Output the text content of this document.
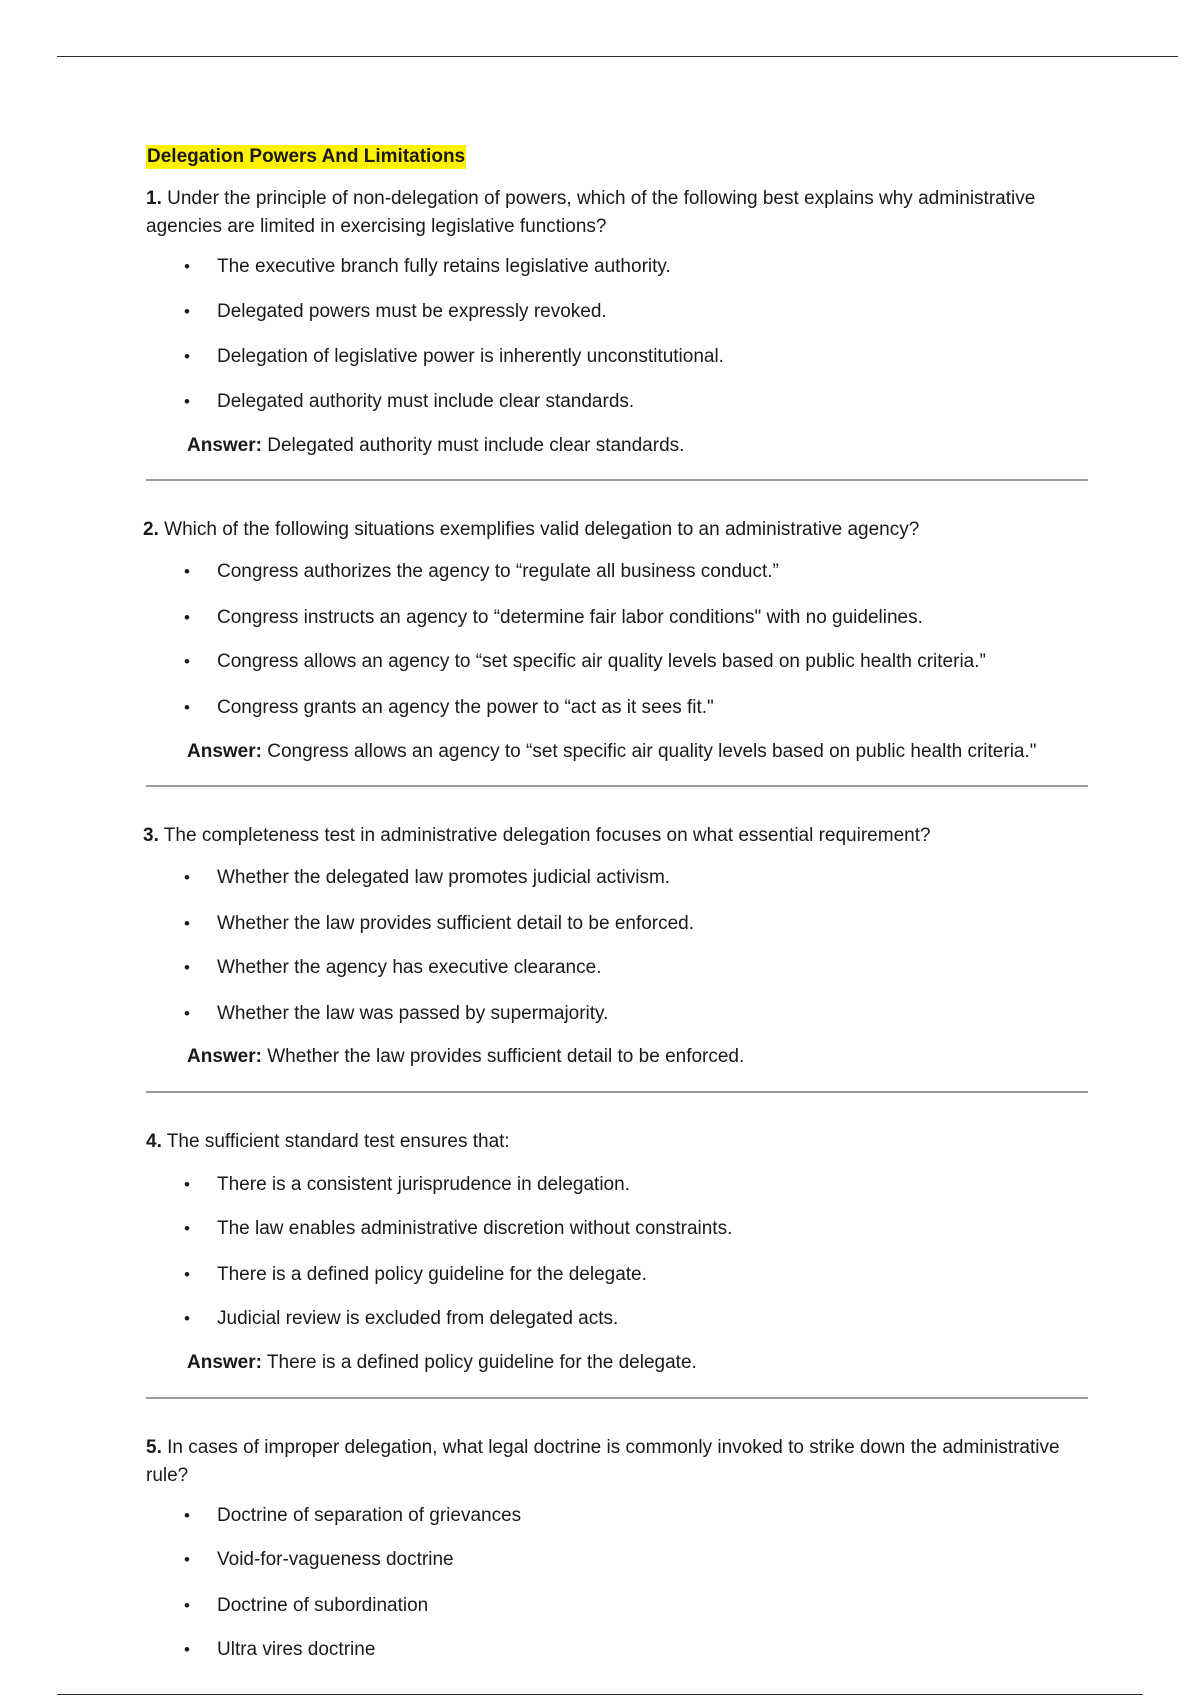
Delegation Powers And Limitations

1. Under the principle of non-delegation of powers, which of the following best explains why administrative agencies are limited in exercising legislative functions?

• The executive branch fully retains legislative authority.
• Delegated powers must be expressly revoked.
• Delegation of legislative power is inherently unconstitutional.
• Delegated authority must include clear standards.
Answer: Delegated authority must include clear standards.

2. Which of the following situations exemplifies valid delegation to an administrative agency?

• Congress authorizes the agency to “regulate all business conduct.”
• Congress instructs an agency to “determine fair labor conditions" with no guidelines.
• Congress allows an agency to “set specific air quality levels based on public health criteria.”
• Congress grants an agency the power to “act as it sees fit."
Answer: Congress allows an agency to “set specific air quality levels based on public health criteria."

3. The completeness test in administrative delegation focuses on what essential requirement?

• Whether the delegated law promotes judicial activism.
• Whether the law provides sufficient detail to be enforced.
• Whether the agency has executive clearance.
• Whether the law was passed by supermajority.
Answer: Whether the law provides sufficient detail to be enforced.

4. The sufficient standard test ensures that:

• There is a consistent jurisprudence in delegation.
• The law enables administrative discretion without constraints.
• There is a defined policy guideline for the delegate.
• Judicial review is excluded from delegated acts.
Answer: There is a defined policy guideline for the delegate.

5. In cases of improper delegation, what legal doctrine is commonly invoked to strike down the administrative rule?

• Doctrine of separation of grievances
• Void-for-vagueness doctrine
• Doctrine of subordination
• Ultra vires doctrine
